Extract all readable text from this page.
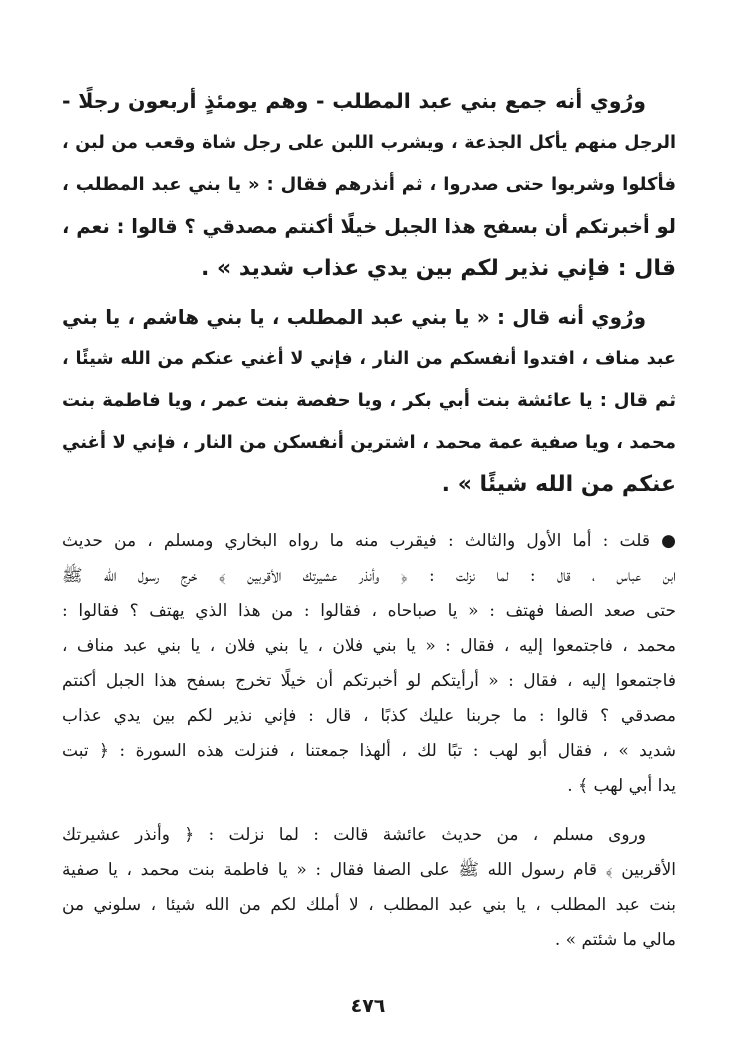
ورُوي أنه جمع بني عبد المطلب - وهم يومئذٍ أربعون رجلًا -
الرجل منهم يأكل الجذعة ، ويشرب اللبن على رجل شاة وقعب من لبن ،
فأكلوا وشربوا حتى صدروا ، ثم أنذرهم فقال : « يا بني عبد المطلب ،
لو أخبرتكم أن بسفح هذا الجبل خيلًا أكنتم مصدقي ؟ قالوا : نعم ،
قال : فإني نذير لكم بين يدي عذاب شديد » .
ورُوي أنه قال : « يا بني عبد المطلب ، يا بني هاشم ، يا بني
عبد مناف ، افتدوا أنفسكم من النار ، فإني لا أغني عنكم من الله شيئًا ،
ثم قال : يا عائشة بنت أبي بكر ، ويا حفصة بنت عمر ، ويا فاطمة بنت
محمد ، ويا صفية عمة محمد ، اشترين أنفسكن من النار ، فإني لا أغني
عنكم من الله شيئًا » .
● قلت : أما الأول والثالث : فيقرب منه ما رواه البخاري ومسلم ، من حديث
ابن عباس ، قال : لما نزلت : ﴿ وأنذر عشيرتك الأقربين ﴾ خرج رسول الله ﷺ
حتى صعد الصفا فهتف : « يا صباحاه ، فقالوا : من هذا الذي يهتف ؟ فقالوا :
محمد ، فاجتمعوا إليه ، فقال : « يا بني فلان ، يا بني فلان ، يا بني عبد مناف ،
فاجتمعوا إليه ، فقال : « أرأيتكم لو أخبرتكم أن خيلًا تخرج بسفح هذا الجبل أكنتم
مصدقي ؟ قالوا : ما جربنا عليك كذبًا ، قال : فإني نذير لكم بين يدي عذاب
شديد » ، فقال أبو لهب : تبًا لك ، ألهذا جمعتنا ، فنزلت هذه السورة : ﴿ تبت
يدا أبي لهب ﴾ .
وروى مسلم ، من حديث عائشة قالت : لما نزلت : ﴿ وأنذر عشيرتك
الأقربين ﴾ قام رسول الله ﷺ على الصفا فقال : « يا فاطمة بنت محمد ، يا صفية
بنت عبد المطلب ، يا بني عبد المطلب ، لا أملك لكم من الله شيئا ، سلوني من
مالي ما شئتم » .
٤٧٦
